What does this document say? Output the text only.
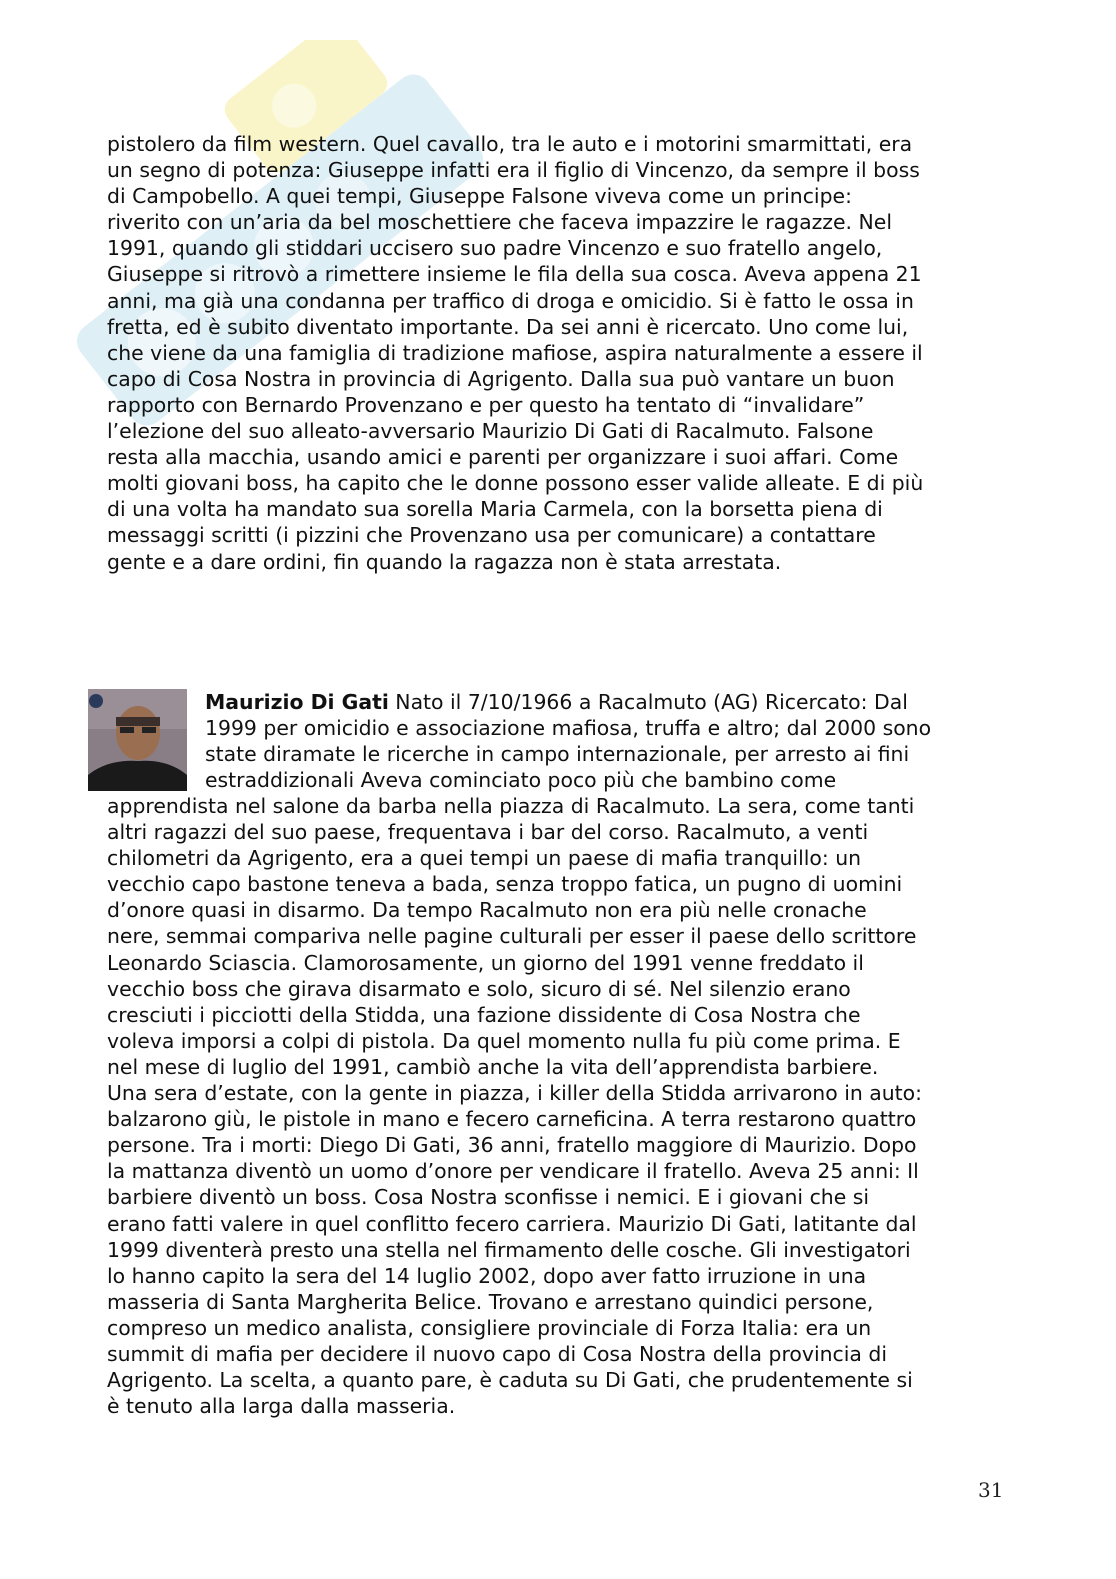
pistolero da film western. Quel cavallo, tra le auto e i motorini smarmittati, era
un segno di potenza: Giuseppe infatti era il figlio di Vincenzo, da sempre il boss
di Campobello. A quei tempi, Giuseppe Falsone viveva come un principe:
riverito con un’aria da bel moschettiere che faceva impazzire le ragazze. Nel
1991, quando gli stiddari uccisero suo padre Vincenzo e suo fratello angelo,
Giuseppe si ritrovò a rimettere insieme le fila della sua cosca. Aveva appena 21
anni, ma già una condanna per traffico di droga e omicidio. Si è fatto le ossa in
fretta, ed è subito diventato importante. Da sei anni è ricercato. Uno come lui,
che viene da una famiglia di tradizione mafiose, aspira naturalmente a essere il
capo di Cosa Nostra in provincia di Agrigento. Dalla sua può vantare un buon
rapporto con Bernardo Provenzano e per questo ha tentato di “invalidare”
l’elezione del suo alleato-avversario Maurizio Di Gati di Racalmuto. Falsone
resta alla macchia, usando amici e parenti per organizzare i suoi affari. Come
molti giovani boss, ha capito che le donne possono esser valide alleate. E di più
di una volta ha mandato sua sorella Maria Carmela, con la borsetta piena di
messaggi scritti (i pizzini che Provenzano usa per comunicare) a contattare
gente e a dare ordini, fin quando la ragazza non è stata arrestata.

Maurizio Di Gati Nato il 7/10/1966 a Racalmuto (AG) Ricercato: Dal
1999 per omicidio e associazione mafiosa, truffa e altro; dal 2000 sono
state diramate le ricerche in campo internazionale, per arresto ai fini
estraddizionali Aveva cominciato poco più che bambino come

apprendista nel salone da barba nella piazza di Racalmuto. La sera, come tanti
altri ragazzi del suo paese, frequentava i bar del corso. Racalmuto, a venti
chilometri da Agrigento, era a quei tempi un paese di mafia tranquillo: un
vecchio capo bastone teneva a bada, senza troppo fatica, un pugno di uomini
d’onore quasi in disarmo. Da tempo Racalmuto non era più nelle cronache
nere, semmai compariva nelle pagine culturali per esser il paese dello scrittore
Leonardo Sciascia. Clamorosamente, un giorno del 1991 venne freddato il
vecchio boss che girava disarmato e solo, sicuro di sé. Nel silenzio erano
cresciuti i picciotti della Stidda, una fazione dissidente di Cosa Nostra che
voleva imporsi a colpi di pistola. Da quel momento nulla fu più come prima. E
nel mese di luglio del 1991, cambiò anche la vita dell’apprendista barbiere.
Una sera d’estate, con la gente in piazza, i killer della Stidda arrivarono in auto:
balzarono giù, le pistole in mano e fecero carneficina. A terra restarono quattro
persone. Tra i morti: Diego Di Gati, 36 anni, fratello maggiore di Maurizio. Dopo
la mattanza diventò un uomo d’onore per vendicare il fratello. Aveva 25 anni: Il
barbiere diventò un boss. Cosa Nostra sconfisse i nemici. E i giovani che si
erano fatti valere in quel conflitto fecero carriera. Maurizio Di Gati, latitante dal
1999 diventerà presto una stella nel firmamento delle cosche. Gli investigatori
lo hanno capito la sera del 14 luglio 2002, dopo aver fatto irruzione in una
masseria di Santa Margherita Belice. Trovano e arrestano quindici persone,
compreso un medico analista, consigliere provinciale di Forza Italia: era un
summit di mafia per decidere il nuovo capo di Cosa Nostra della provincia di
Agrigento. La scelta, a quanto pare, è caduta su Di Gati, che prudentemente si
è tenuto alla larga dalla masseria.

31
